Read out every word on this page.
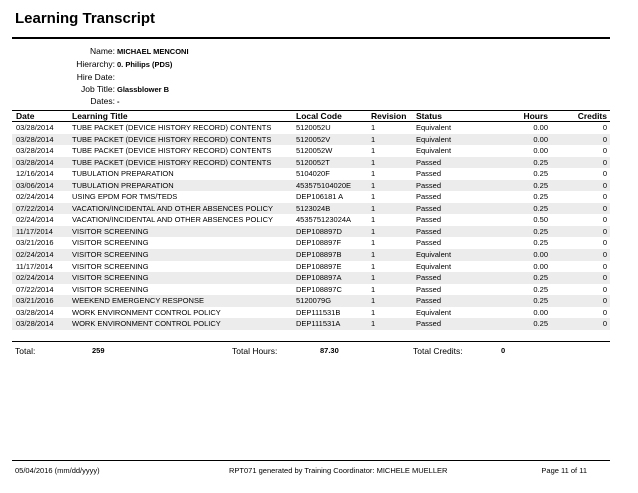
Learning Transcript
Name: MICHAEL MENCONI
Hierarchy: 0. Philips (PDS)
Hire Date:
Job Title: Glassblower B
Dates: -
Date	Learning Title	Local Code	Revision Status	Hours	Credits
03/28/2014 TUBE PACKET (DEVICE HISTORY RECORD) CONTENTS	5120052U	1	Equivalent	0.00	0
03/28/2014 TUBE PACKET (DEVICE HISTORY RECORD) CONTENTS	5120052V	1	Equivalent	0.00	0
03/28/2014 TUBE PACKET (DEVICE HISTORY RECORD) CONTENTS	5120052W	1	Equivalent	0.00	0
03/28/2014 TUBE PACKET (DEVICE HISTORY RECORD) CONTENTS	5120052T	1	Passed	0.25	0
12/16/2014 TUBULATION PREPARATION	5104020F	1	Passed	0.25	0
03/06/2014 TUBULATION PREPARATION	453575104020E	1	Passed	0.25	0
02/24/2014 USING EPDM FOR TMS/TEDS	DEP106181 A	1	Passed	0.25	0
07/22/2014 VACATION/INCIDENTAL AND OTHER ABSENCES POLICY	5123024B	1	Passed	0.25	0
02/24/2014 VACATION/INCIDENTAL AND OTHER ABSENCES POLICY	453575123024A	1	Passed	0.50	0
11/17/2014	VISITOR SCREENING	DEP108897D	1	Passed	0.25	0
03/21/2016 VISITOR SCREENING	DEP108897F	1	Passed	0.25	0
02/24/2014 VISITOR SCREENING	DEP108897B	1	Equivalent	0.00	0
11/17/2014	VISITOR SCREENING	DEP108897E	1	Equivalent	0.00	0
02/24/2014 VISITOR SCREENING	DEP108897A	1	Passed	0.25	0
07/22/2014 VISITOR SCREENING	DEP108897C	1	Passed	0.25	0
03/21/2016 WEEKEND EMERGENCY RESPONSE	5120079G	1	Passed	0.25	0
03/28/2014 WORK ENVIRONMENT CONTROL POLICY	DEP111531B	1	Equivalent	0.00	0
03/28/2014 WORK ENVIRONMENT CONTROL POLICY	DEP111531A	1	Passed	0.25	0
Total:	259	Total Hours:	87.30	Total Credits:	0
05/04/2016 (mm/dd/yyyy)	RPT071 generated by Training Coordinator: MICHELE MUELLER	Page 11 of 11
